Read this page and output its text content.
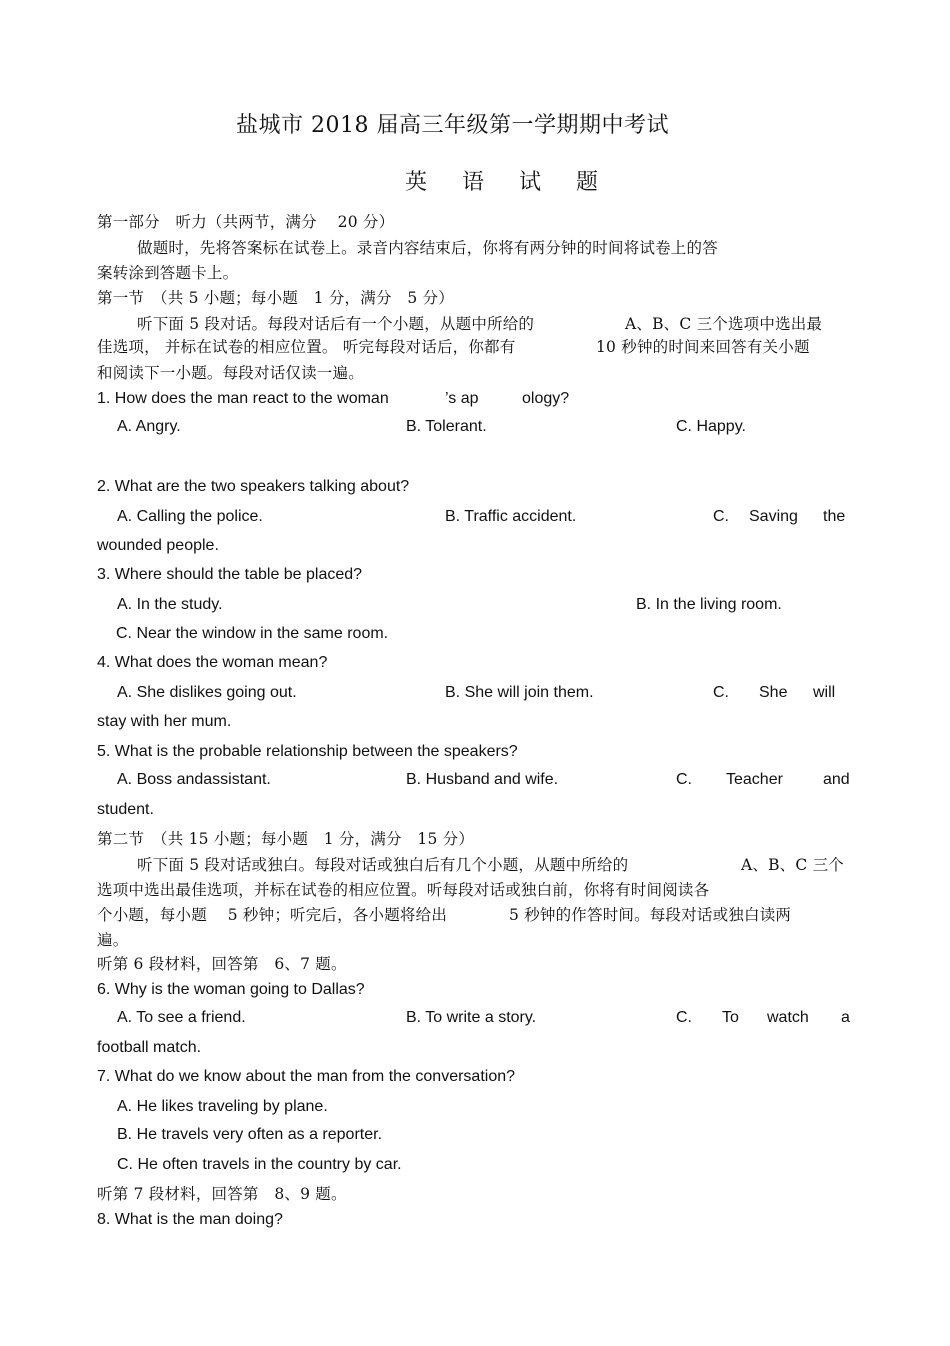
盐城市 2018 届高三年级第一学期期中考试
英 语 试 题
第一部分　听力（共两节，满分　 20 分）
做题时，先将答案标在试卷上。录音内容结束后，你将有两分钟的时间将试卷上的答
案转涂到答题卡上。
第一节　（共 5 小题；每小题　1 分，满分　5 分）
听下面 5 段对话。每段对话后有一个小题，从题中所给的	A、B、C 三个选项中选出最
佳选项， 并标在试卷的相应位置。 听完每段对话后，你都有	10 秒钟的时间来回答有关小题
和阅读下一小题。每段对话仅读一遍。
1. How does the man react to the woman	’s ap	ology?
A. Angry.	B. Tolerant.	C. Happy.
2. What are the two speakers talking about?
A. Calling the police.	B. Traffic accident.	C. Saving the
wounded people.
3. Where should the table be placed?
A. In the study.	B. In the living room.
C. Near the window in the same room.
4. What does the woman mean?
A. She dislikes going out.	B. She will join them.	C. She will
stay with her mum.
5. What is the probable relationship between the speakers?
A. Boss andassistant.	B. Husband and wife.	C. Teacher	and
student.
第二节　（共 15 小题；每小题　1 分，满分　15 分）
听下面 5 段对话或独白。每段对话或独白后有几个小题，从题中所给的	A、B、C 三个
选项中选出最佳选项，并标在试卷的相应位置。听每段对话或独白前，你将有时间阅读各
个小题，每小题　 5 秒钟；听完后，各小题将给出	5 秒钟的作答时间。每段对话或独白读两
遍。
听第 6 段材料，回答第　6、7 题。
6. Why is the woman going to Dallas?
A. To see a friend.	B. To write a story.	C. To watch a
football match.
7. What do we know about the man from the conversation?
A. He likes traveling by plane.
B. He travels very often as a reporter.
C. He often travels in the country by car.
听第 7 段材料，回答第　8、9 题。
8. What is the man doing?
